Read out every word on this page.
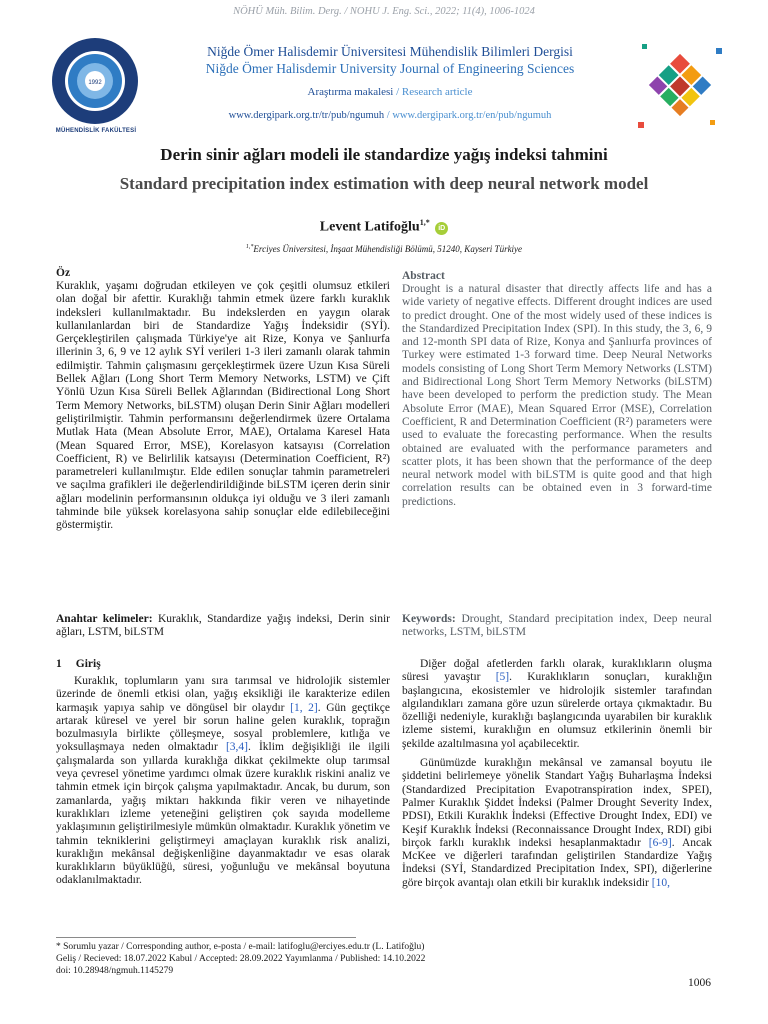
NÖHÜ Müh. Bilim. Derg. / NOHU J. Eng. Sci., 2022; 11(4), 1006-1024
1992
MÜHENDİSLİK FAKÜLTESİ
Niğde Ömer Halisdemir Üniversitesi Mühendislik Bilimleri Dergisi
Niğde Ömer Halisdemir University Journal of Engineering Sciences
Araştırma makalesi / Research article
www.dergipark.org.tr/tr/pub/ngumuh / www.dergipark.org.tr/en/pub/ngumuh
Derin sinir ağları modeli ile standardize yağış indeksi tahmini
Standard precipitation index estimation with deep neural network model
Levent Latifoğlu$^{1,*}$ iD
$^{1,*}$Erciyes Üniversitesi, İnşaat Mühendisliği Bölümü, 51240, Kayseri Türkiye
Öz
Kuraklık, yaşamı doğrudan etkileyen ve çok çeşitli olumsuz etkileri olan doğal bir afettir. Kuraklığı tahmin etmek üzere farklı kuraklık indeksleri kullanılmaktadır. Bu indekslerden en yaygın olarak kullanılanlardan biri de Standardize Yağış İndeksidir (SYİ). Gerçekleştirilen çalışmada Türkiye'ye ait Rize, Konya ve Şanlıurfa illerinin 3, 6, 9 ve 12 aylık SYİ verileri 1-3 ileri zamanlı olarak tahmin edilmiştir. Tahmin çalışmasını gerçekleştirmek üzere Uzun Kısa Süreli Bellek Ağları (Long Short Term Memory Networks, LSTM) ve Çift Yönlü Uzun Kısa Süreli Bellek Ağlarından (Bidirectional Long Short Term Memory Networks, biLSTM) oluşan Derin Sinir Ağları modelleri geliştirilmiştir. Tahmin performansını değerlendirmek üzere Ortalama Mutlak Hata (Mean Absolute Error, MAE), Ortalama Karesel Hata (Mean Squared Error, MSE), Korelasyon katsayısı (Correlation Coefficient, R) ve Belirlilik katsayısı (Determination Coefficient, R²) parametreleri kullanılmıştır. Elde edilen sonuçlar tahmin parametreleri ve saçılma grafikleri ile değerlendirildiğinde biLSTM içeren derin sinir ağları modelinin performansının oldukça iyi olduğu ve 3 ileri zamanlı tahminde bile yüksek korelasyona sahip sonuçlar elde edilebileceğini göstermiştir.
Abstract
Drought is a natural disaster that directly affects life and has a wide variety of negative effects. Different drought indices are used to predict drought. One of the most widely used of these indices is the Standardized Precipitation Index (SPI). In this study, the 3, 6, 9 and 12-month SPI data of Rize, Konya and Şanlıurfa provinces of Turkey were estimated 1-3 forward time. Deep Neural Networks models consisting of Long Short Term Memory Networks (LSTM) and Bidirectional Long Short Term Memory Networks (biLSTM) have been developed to perform the prediction study. The Mean Absolute Error (MAE), Mean Squared Error (MSE), Correlation Coefficient, R and Determination Coefficient (R²) parameters were used to evaluate the forecasting performance. When the results obtained are evaluated with the performance parameters and scatter plots, it has been shown that the performance of the deep neural network model with biLSTM is quite good and that high correlation results can be obtained even in 3 forward-time predictions.
Anahtar kelimeler: Kuraklık, Standardize yağış indeksi, Derin sinir ağları, LSTM, biLSTM
Keywords: Drought, Standard precipitation index, Deep neural networks, LSTM, biLSTM
1 Giriş
Kuraklık, toplumların yanı sıra tarımsal ve hidrolojik sistemler üzerinde de önemli etkisi olan, yağış eksikliği ile karakterize edilen karmaşık yapıya sahip ve döngüsel bir olaydır [1, 2]. Gün geçtikçe artarak küresel ve yerel bir sorun haline gelen kuraklık, toprağın bozulmasıyla birlikte çölleşmeye, sosyal problemlere, kıtlığa ve yoksullaşmaya neden olmaktadır [3,4]. İklim değişikliği ile ilgili çalışmalarda son yıllarda kuraklığa dikkat çekilmekte olup tarımsal veya çevresel yönetime yardımcı olmak üzere kuraklık riskini analiz ve tahmin etmek için birçok çalışma yapılmaktadır. Ancak, bu durum, son zamanlarda, yağış miktarı hakkında fikir veren ve nihayetinde kuraklıkları izleme yeteneğini geliştiren çok sayıda modelleme yaklaşımının geliştirilmesiyle mümkün olmaktadır. Kuraklık yönetim ve tahmin tekniklerini geliştirmeyi amaçlayan kuraklık risk analizi, kuraklığın mekânsal değişkenliğine dayanmaktadır ve esas olarak kuraklıkların büyüklüğü, süresi, yoğunluğu ve mekânsal boyutuna odaklanılmaktadır.
Diğer doğal afetlerden farklı olarak, kuraklıkların oluşma süresi yavaştır [5]. Kuraklıkların sonuçları, kuraklığın başlangıcına, ekosistemler ve hidrolojik sistemler tarafından algılandıkları zamana göre uzun sürelerde ortaya çıkmaktadır. Bu özelliği nedeniyle, kuraklığı başlangıcında uyarabilen bir kuraklık izleme sistemi, kuraklığın en olumsuz etkilerinin önemli bir şekilde azaltılmasına yol açabilecektir.
Günümüzde kuraklığın mekânsal ve zamansal boyutu ile şiddetini belirlemeye yönelik Standart Yağış Buharlaşma İndeksi (Standardized Precipitation Evapotranspiration index, SPEI), Palmer Kuraklık Şiddet İndeksi (Palmer Drought Severity Index, PDSI), Etkili Kuraklık İndeksi (Effective Drought Index, EDI) ve Keşif Kuraklık İndeksi (Reconnaissance Drought Index, RDI) gibi birçok farklı kuraklık indeksi hesaplanmaktadır [6-9]. Ancak McKee ve diğerleri tarafından geliştirilen Standardize Yağış İndeksi (SYİ, Standardized Precipitation Index, SPI), diğerlerine göre birçok avantajı olan etkili bir kuraklık indeksidir [10,
* Sorumlu yazar / Corresponding author, e-posta / e-mail: latifoglu@erciyes.edu.tr (L. Latifoğlu)
Geliş / Recieved: 18.07.2022 Kabul / Accepted: 28.09.2022 Yayımlanma / Published: 14.10.2022
doi: 10.28948/ngmuh.1145279
1006
